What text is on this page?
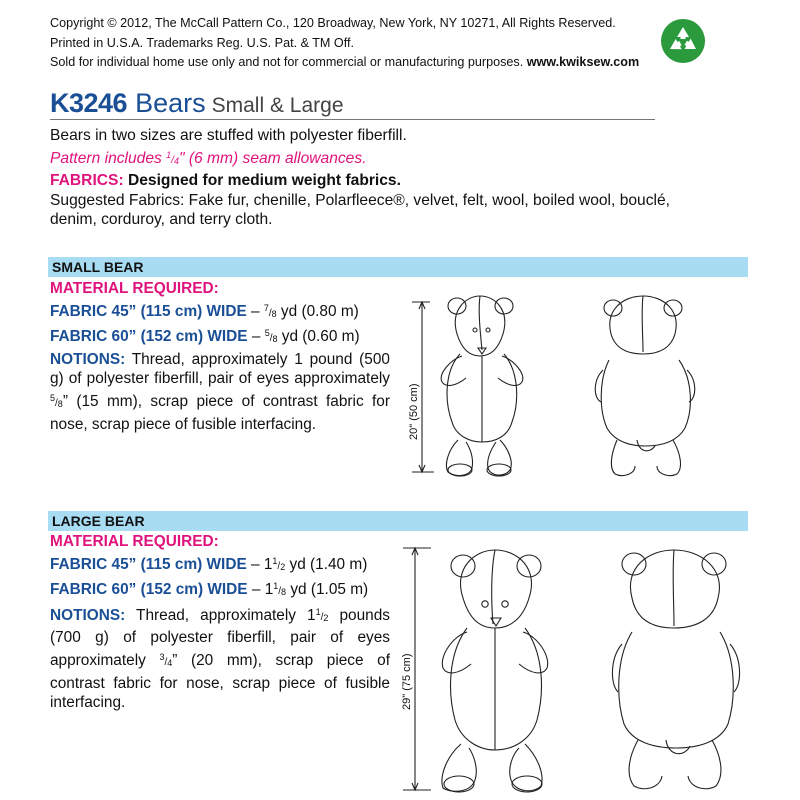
Copyright © 2012, The McCall Pattern Co., 120 Broadway, New York, NY 10271, All Rights Reserved.
Printed in U.S.A. Trademarks Reg. U.S. Pat. & TM Off.
Sold for individual home use only and not for commercial or manufacturing purposes. www.kwiksew.com
K3246 Bears Small & Large
Bears in two sizes are stuffed with polyester fiberfill.
Pattern includes $^1/_4$" (6 mm) seam allowances.
FABRICS: Designed for medium weight fabrics.
Suggested Fabrics: Fake fur, chenille, Polarfleece®, velvet, felt, wool, boiled wool, bouclé, denim, corduroy, and terry cloth.
SMALL BEAR
MATERIAL REQUIRED:
FABRIC 45” (115 cm) WIDE – $^7/_8$ yd (0.80 m)
FABRIC 60” (152 cm) WIDE – $^5/_8$ yd (0.60 m)
NOTIONS: Thread, approximately 1 pound (500 g) of polyester fiberfill, pair of eyes approximately $^5/_8$” (15 mm), scrap piece of contrast fabric for nose, scrap piece of fusible interfacing.	20" (50 cm)
LARGE BEAR
MATERIAL REQUIRED:
FABRIC 45” (115 cm) WIDE – $1^1/_2$ yd (1.40 m)
FABRIC 60” (152 cm) WIDE – $1^1/_8$ yd (1.05 m)
NOTIONS: Thread, approximately $1^1/_2$ pounds (700 g) of polyester fiberfill, pair of eyes approximately $^3/_4$” (20 mm), scrap piece of contrast fabric for nose, scrap piece of fusible interfacing.	29" (75 cm)
